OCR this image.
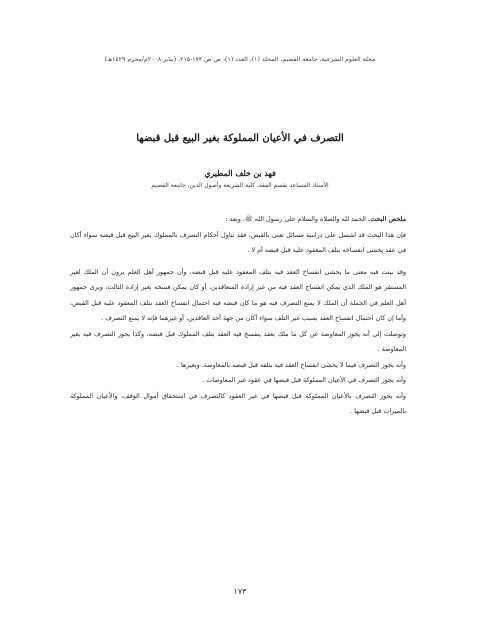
مجلة العلوم الشرعية، جامعة القصيم، المجلد (١)، العدد (١)، ص ص ١٧٣-٢١٥، (يناير ٢٠٠٨م/محرم ١٤٢٩هـ)
التصرف في الأعيان المملوكة بغير البيع قبل قبضها
فهد بن خلف المطيري
الأستاذ المساعد بقسم الفقه، كلية الشريعة وأصول الدين، جامعة القصيم

ملخص البحث. الحمد لله والصلاة والسلام على رسول الله ﷺ، وبعد :

فإن هذا البحث قد اشتمل على دراسة مسائل تعنى بالقبض، فقد تناول أحكام التصرف بالمملوك بغير البيع قبل قبضه سواء أكان في عقد يخشى انفساخه بتلف المعقود عليه قبل قبضه أم لا .

وقد بينت فيه معنى ما يخشى انفساخ العقد فيه بتلف المعقود عليه قبل قبضه، وأن جمهور أهل العلم يرون أن الملك لغير المستقر هو الملك الذي يمكن انفساخ العقد فيه من غير إرادة المتعاقدين، أو كان يمكن فسخه بغير إرادة الثالث، ويرى جمهور أهل العلم في الجملة أن الملك لا يمنع التصرف فيه هو ما كان قبضه فيه احتمال انفساخ العقد بتلف المعقود عليه قبل القبض، وأما إن كان احتمال انفساخ العقد بسبب غير التلف سواء أكان من جهة أحد العاقدين، أو غيرهما فإنه لا يمنع التصرف .

وتوصلت إلى أنه يجوز المعاوضة عن كل ما ملك بعقد ينفسخ فيه العقد بتلف المملوك قبل قبضه، وكذا يجوز التصرف فيه بغير المعاوضة .

وأنه يجوز التصرف فيما لا يخشى انفساخ العقد فيه بتلفه قبل قبضه بالمعاوضة، وبغيرها .

وأنه يجوز التصرف في الأعيان المملوكة قبل قبضها في عقود غير المعاوضات .

وأنه يجوز التصرف بالأعيان المملوكة قبل قبضها في غير العقود كالتصرف في استحقاق أموال الوقف، والأعيان المملوكة بالميراث قبل قبضها .

١٧٣
